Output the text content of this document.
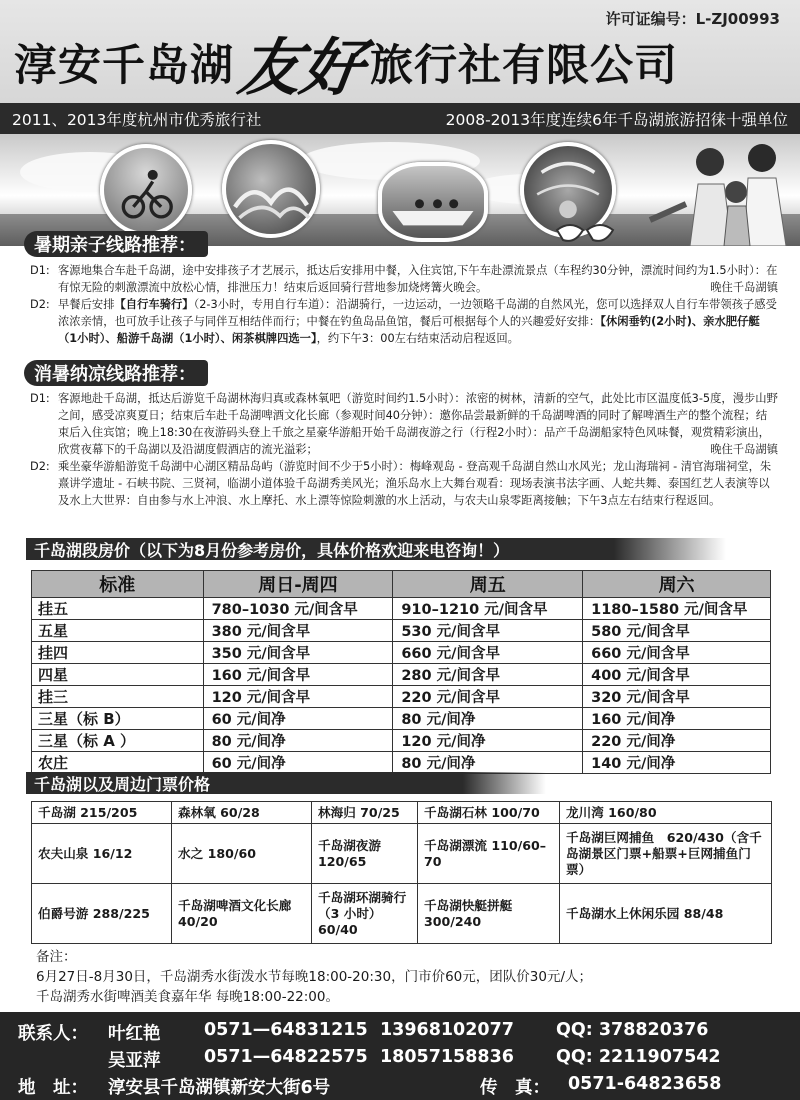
许可证编号：L-ZJ00993
淳安千岛湖 友好 旅行社有限公司
2011、2013年度杭州市优秀旅行社	2008-2013年度连续6年千岛湖旅游招徕十强单位
暑期亲子线路推荐：
D1: 客源地集合车赴千岛湖，途中安排孩子才艺展示，抵达后安排用中餐，入住宾馆,下午车赴漂流景点（车程约30分钟，漂流时间约为1.5小时）：在有惊无险的刺激漂流中放松心情，排泄压力！结束后返回骑行营地参加烧烤篝火晚会。	晚住千岛湖镇
D2: 早餐后安排【自行车骑行】（2-3小时，专用自行车道）：沿湖骑行，一边运动，一边领略千岛湖的自然风光，您可以选择双人自行车带领孩子感受浓浓亲情，也可放手让孩子与同伴互相结伴而行；中餐在钓鱼岛品鱼馆，餐后可根据每个人的兴趣爱好安排：【休闲垂钓(2小时)、亲水肥仔艇（1小时）、船游千岛湖（1小时）、闲茶棋牌四选一】，约下午3：00左右结束活动启程返回。
消暑纳凉线路推荐：
D1: 客源地赴千岛湖，抵达后游览千岛湖林海归真或森林氧吧（游览时间约1.5小时）：浓密的树林，清新的空气，此处比市区温度低3-5度，漫步山野之间，感受凉爽夏日；结束后车赴千岛湖啤酒文化长廊（参观时间40分钟）：邀你品尝最新鲜的千岛湖啤酒的同时了解啤酒生产的整个流程；结束后入住宾馆；晚上18:30在夜游码头登上千旅之星豪华游船开始千岛湖夜游之行（行程2小时）：品产千岛湖船家特色风味餐，观赏精彩演出，欣赏夜幕下的千岛湖以及沿湖度假酒店的流光溢彩；	晚住千岛湖镇
D2: 乘坐豪华游船游览千岛湖中心湖区精品岛屿（游览时间不少于5小时）：梅峰观岛 - 登高观千岛湖自然山水风光；龙山海瑞祠 - 清官海瑞祠堂，朱熹讲学遗址 - 石峡书院、三贤祠，临湖小道体验千岛湖秀美风光；渔乐岛水上大舞台观看：现场表演书法字画、人蛇共舞、泰国红艺人表演等以及水上大世界：自由参与水上冲浪、水上摩托、水上漂等惊险刺激的水上活动，与农夫山泉零距离接触；下午3点左右结束行程返回。
千岛湖段房价（以下为8月份参考房价，具体价格欢迎来电咨询！）
标准	周日-周四	周五	周六
挂五	780–1030 元/间含早	910–1210 元/间含早	1180–1580 元/间含早
五星	380 元/间含早	530 元/间含早	580 元/间含早
挂四	350 元/间含早	660 元/间含早	660 元/间含早
四星	160 元/间含早	280 元/间含早	400 元/间含早
挂三	120 元/间含早	220 元/间含早	320 元/间含早
三星（标 B）	60 元/间净	80 元/间净	160 元/间净
三星（标 A ）	80 元/间净	120 元/间净	220 元/间净
农庄	60 元/间净	80 元/间净	140 元/间净
千岛湖以及周边门票价格
千岛湖 215/205	森林氧 60/28	林海归 70/25	千岛湖石林 100/70	龙川湾 160/80
农夫山泉 16/12	水之 180/60	千岛湖夜游 120/65	千岛湖漂流 110/60–70	千岛湖巨网捕鱼　620/430（含千岛湖景区门票+船票+巨网捕鱼门票）
伯爵号游 288/225	千岛湖啤酒文化长廊 40/20	千岛湖环湖骑行（3 小时）60/40	千岛湖快艇拼艇 300/240	千岛湖水上休闲乐园 88/48
备注：
6月27日-8月30日，千岛湖秀水街泼水节每晚18:00-20:30，门市价60元，团队价30元/人；
千岛湖秀水街啤酒美食嘉年华 每晚18:00-22:00。
联系人： 叶红艳 0571—64831215 13968102077 QQ: 378820376
吴亚萍 0571—64822575 18057158836 QQ: 2211907542
地　址： 淳安县千岛湖镇新安大街6号	传　真： 0571-64823658
